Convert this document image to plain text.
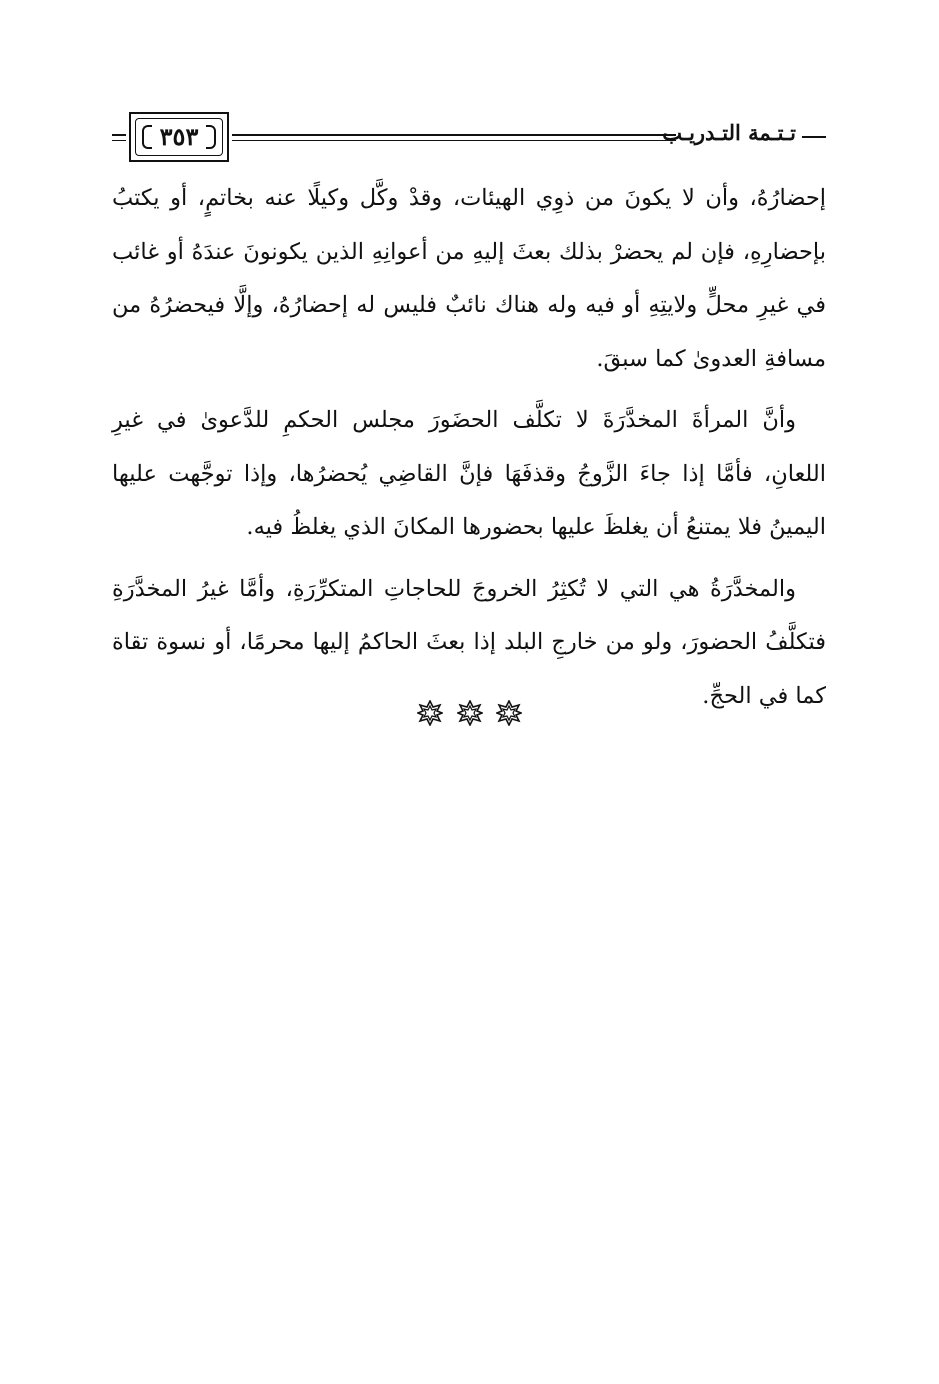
٣٥٣	تـتـمة التـدريـب

إحضارُهُ، وأن لا يكونَ من ذوِي الهيئات، وقدْ وكَّل وكيلًا عنه بخاتمٍ، أو يكتبُ بإحضارِهِ، فإن لم يحضرْ بذلك بعثَ إليهِ من أعوانِهِ الذين يكونونَ عندَهُ أو غائب في غيرِ محلٍّ ولايتِهِ أو فيه وله هناك نائبٌ فليس له إحضارُهُ، وإلَّا فيحضرُهُ من مسافةِ العدوىٰ كما سبقَ.

وأنَّ المرأةَ المخدَّرَةَ لا تكلَّف الحضَورَ مجلس الحكمِ للدَّعوىٰ في غيرِ اللعانِ، فأمَّا إذا جاءَ الزَّوجُ وقذفَهَا فإنَّ القاضِي يُحضرُها، وإذا توجَّهت عليها اليمينُ فلا يمتنعُ أن يغلظَ عليها بحضورها المكانَ الذي يغلظُ فيه.

والمخدَّرَةُ هي التي لا تُكثِرُ الخروجَ للحاجاتِ المتكرِّرَةِ، وأمَّا غيرُ المخدَّرَةِ فتكلَّفُ الحضورَ، ولو من خارجِ البلد إذا بعثَ الحاكمُ إليها محرمًا، أو نسوة تقاة كما في الحجِّ.
